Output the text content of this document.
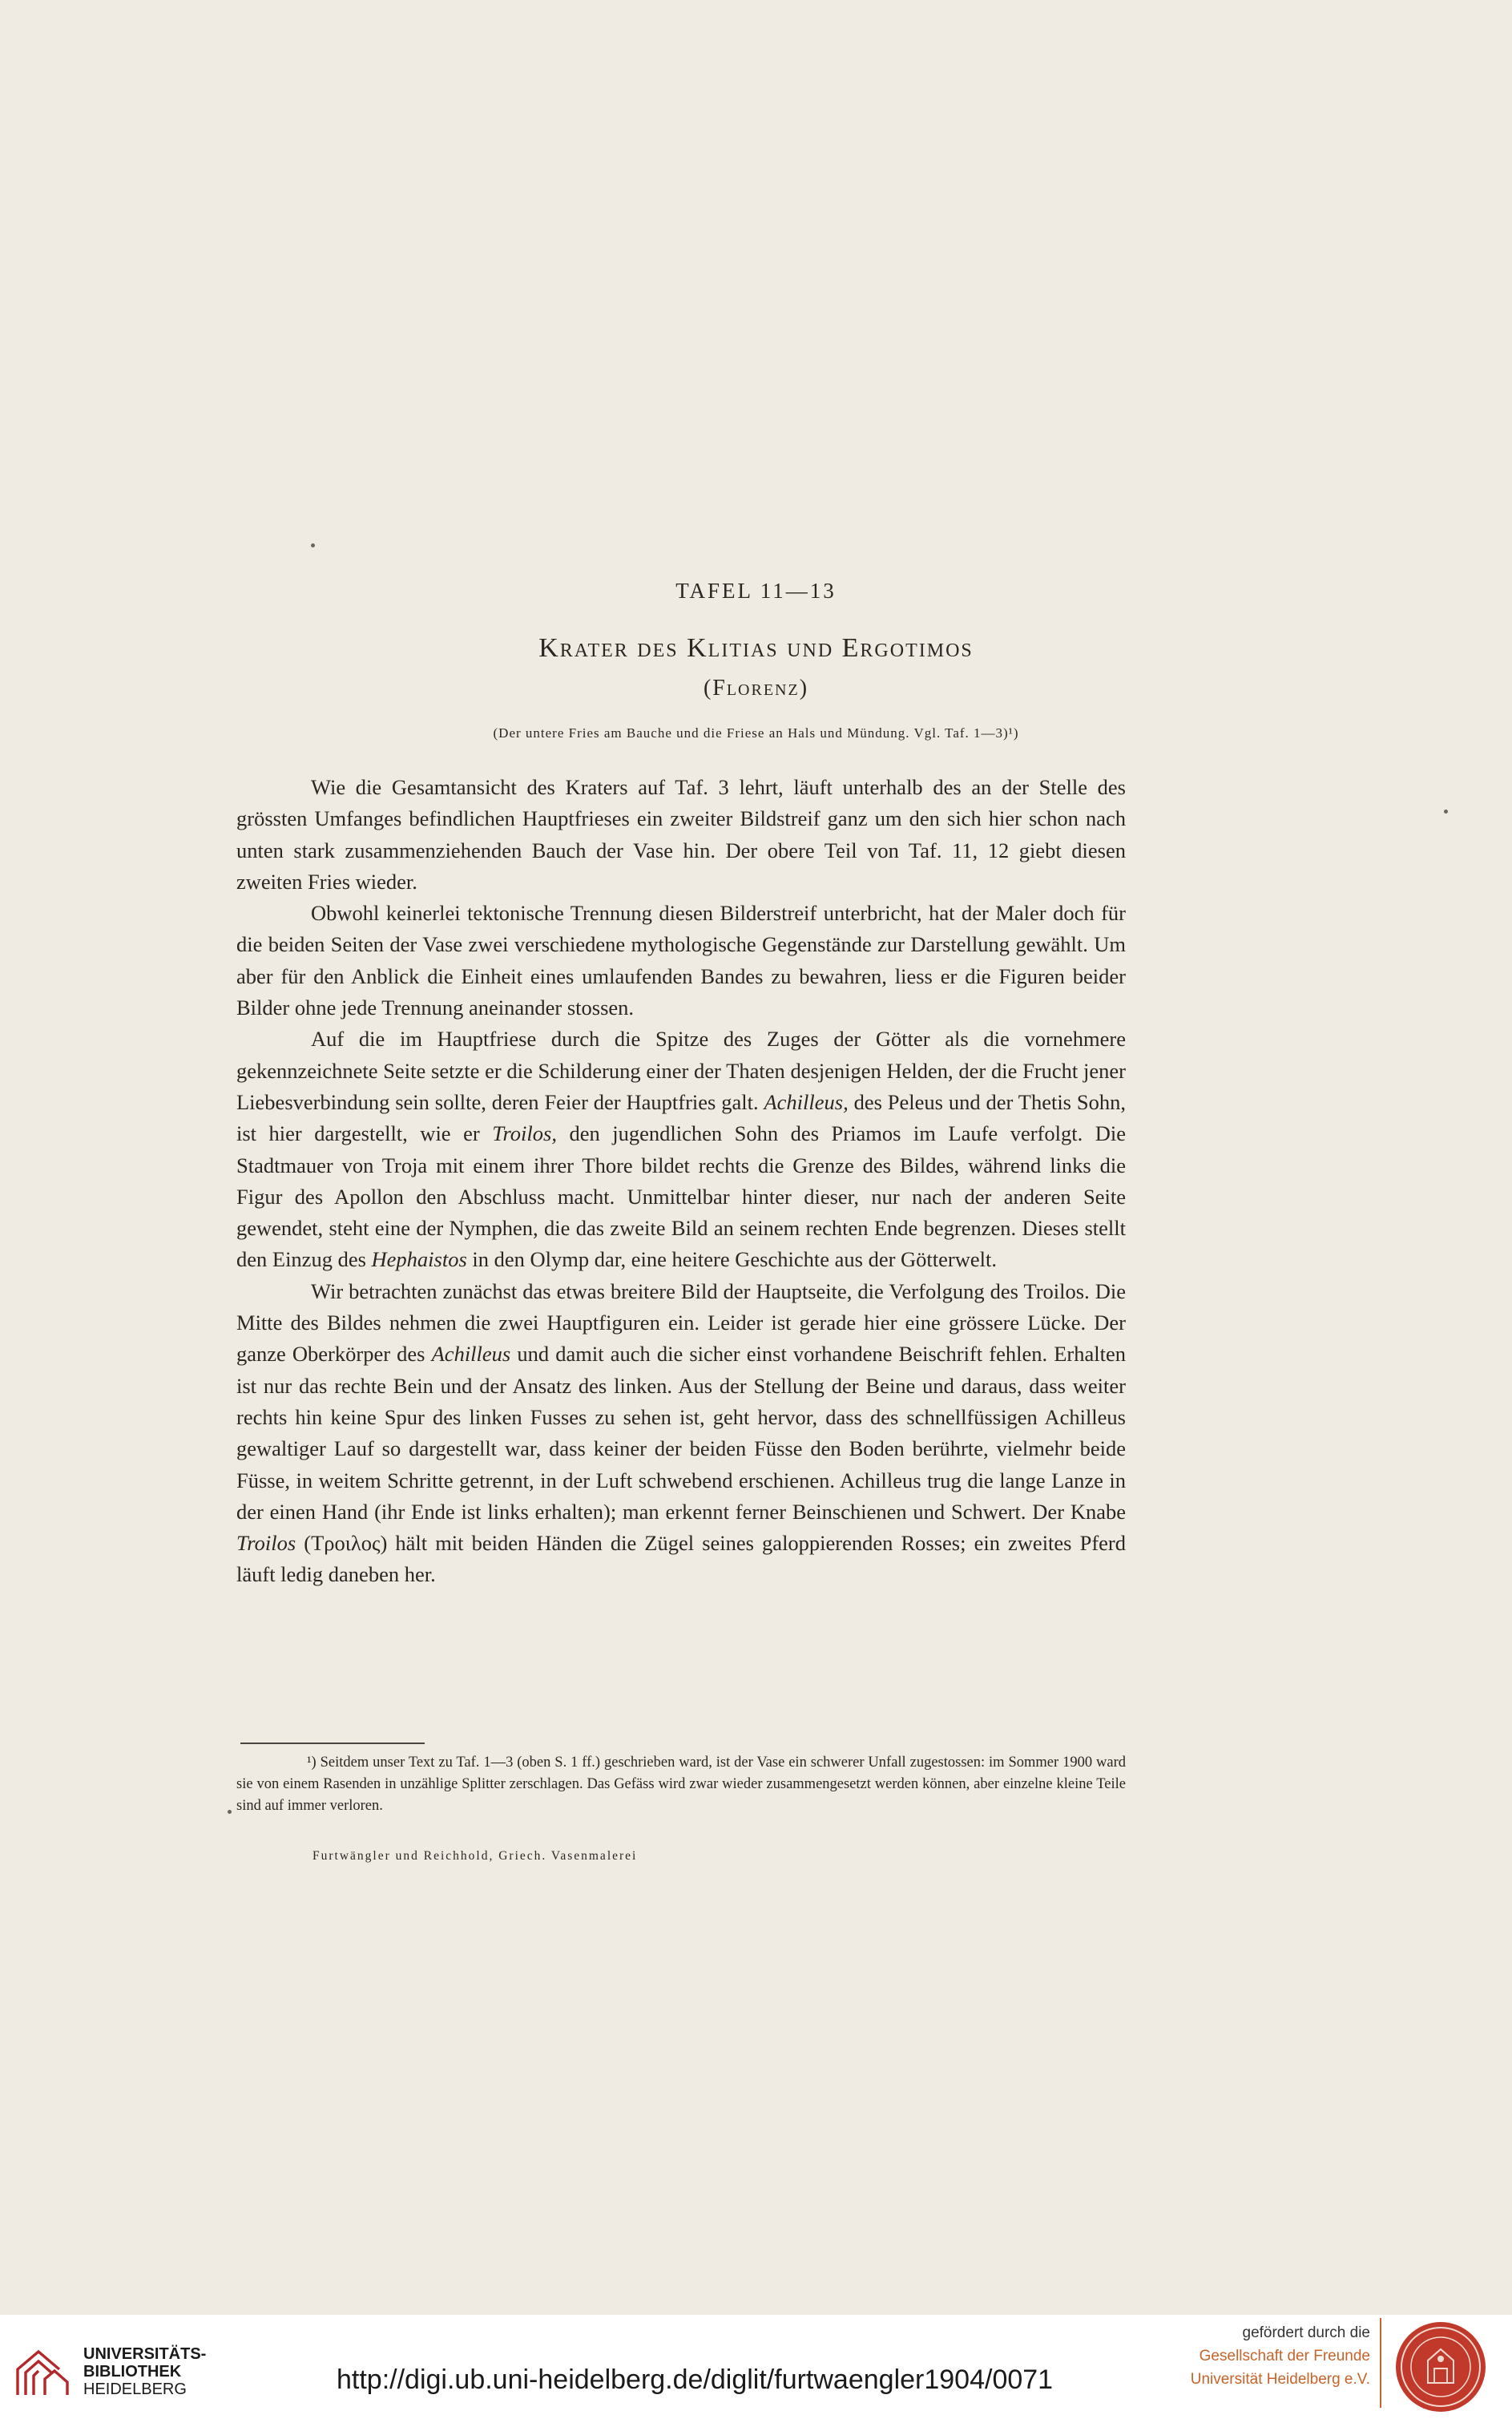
TAFEL 11—13
Krater des Klitias und Ergotimos
(Florenz)
(Der untere Fries am Bauche und die Friese an Hals und Mündung. Vgl. Taf. 1—3)¹)

Wie die Gesamtansicht des Kraters auf Taf. 3 lehrt, läuft unterhalb des an der Stelle des grössten Umfanges befindlichen Hauptfrieses ein zweiter Bildstreif ganz um den sich hier schon nach unten stark zusammenziehenden Bauch der Vase hin. Der obere Teil von Taf. 11, 12 giebt diesen zweiten Fries wieder.

Obwohl keinerlei tektonische Trennung diesen Bilderstreif unterbricht, hat der Maler doch für die beiden Seiten der Vase zwei verschiedene mythologische Gegenstände zur Darstellung gewählt. Um aber für den Anblick die Einheit eines umlaufenden Bandes zu bewahren, liess er die Figuren beider Bilder ohne jede Trennung aneinander stossen.

Auf die im Hauptfriese durch die Spitze des Zuges der Götter als die vornehmere gekennzeichnete Seite setzte er die Schilderung einer der Thaten desjenigen Helden, der die Frucht jener Liebesverbindung sein sollte, deren Feier der Hauptfries galt. Achilleus, des Peleus und der Thetis Sohn, ist hier dargestellt, wie er Troilos, den jugendlichen Sohn des Priamos im Laufe verfolgt. Die Stadtmauer von Troja mit einem ihrer Thore bildet rechts die Grenze des Bildes, während links die Figur des Apollon den Abschluss macht. Unmittelbar hinter dieser, nur nach der anderen Seite gewendet, steht eine der Nymphen, die das zweite Bild an seinem rechten Ende begrenzen. Dieses stellt den Einzug des Hephaistos in den Olymp dar, eine heitere Geschichte aus der Götterwelt.

Wir betrachten zunächst das etwas breitere Bild der Hauptseite, die Verfolgung des Troilos. Die Mitte des Bildes nehmen die zwei Hauptfiguren ein. Leider ist gerade hier eine grössere Lücke. Der ganze Oberkörper des Achilleus und damit auch die sicher einst vorhandene Beischrift fehlen. Erhalten ist nur das rechte Bein und der Ansatz des linken. Aus der Stellung der Beine und daraus, dass weiter rechts hin keine Spur des linken Fusses zu sehen ist, geht hervor, dass des schnellfüssigen Achilleus gewaltiger Lauf so dargestellt war, dass keiner der beiden Füsse den Boden berührte, vielmehr beide Füsse, in weitem Schritte getrennt, in der Luft schwebend erschienen. Achilleus trug die lange Lanze in der einen Hand (ihr Ende ist links erhalten); man erkennt ferner Beinschienen und Schwert. Der Knabe Troilos (Τροιλος) hält mit beiden Händen die Zügel seines galoppierenden Rosses; ein zweites Pferd läuft ledig daneben her.

¹) Seitdem unser Text zu Taf. 1—3 (oben S. 1 ff.) geschrieben ward, ist der Vase ein schwerer Unfall zugestossen: im Sommer 1900 ward sie von einem Rasenden in unzählige Splitter zerschlagen. Das Gefäss wird zwar wieder zusammengesetzt werden können, aber einzelne kleine Teile sind auf immer verloren.
Furtwängler und Reichhold, Griech. Vasenmalerei
UNIVERSITÄTS-
BIBLIOTHEK
HEIDELBERG	http://digi.ub.uni-heidelberg.de/diglit/furtwaengler1904/0071
gefördert durch die
Gesellschaft der Freunde
Universität Heidelberg e.V.
